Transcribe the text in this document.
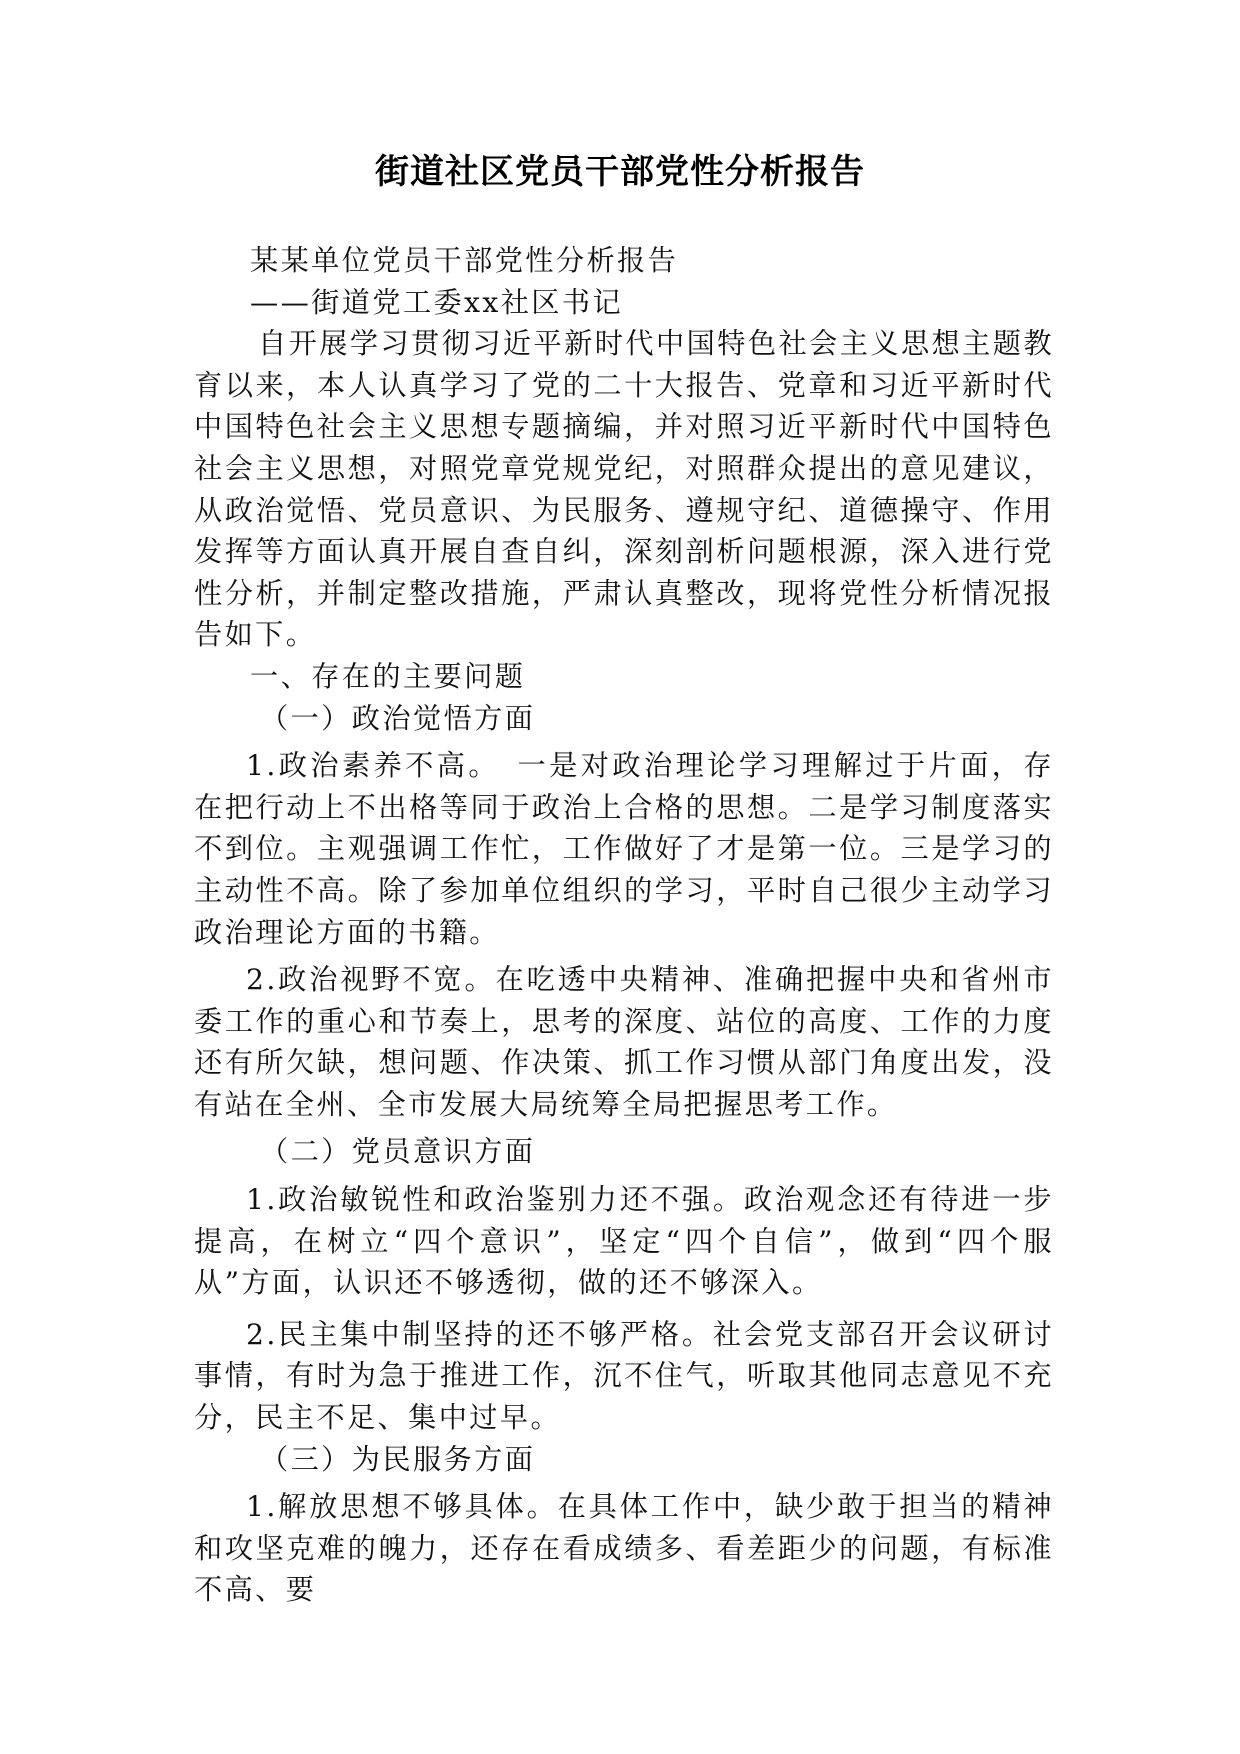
街道社区党员干部党性分析报告

某某单位党员干部党性分析报告

——街道党工委xx社区书记

自开展学习贯彻习近平新时代中国特色社会主义思想主题教育以来，本人认真学习了党的二十大报告、党章和习近平新时代中国特色社会主义思想专题摘编，并对照习近平新时代中国特色社会主义思想，对照党章党规党纪，对照群众提出的意见建议，从政治觉悟、党员意识、为民服务、遵规守纪、道德操守、作用发挥等方面认真开展自查自纠，深刻剖析问题根源，深入进行党性分析，并制定整改措施，严肃认真整改，现将党性分析情况报告如下。

一、存在的主要问题

（一）政治觉悟方面

1.政治素养不高。　一是对政治理论学习理解过于片面，存在把行动上不出格等同于政治上合格的思想。二是学习制度落实不到位。主观强调工作忙，工作做好了才是第一位。三是学习的主动性不高。除了参加单位组织的学习，平时自己很少主动学习政治理论方面的书籍。

2.政治视野不宽。在吃透中央精神、准确把握中央和省州市委工作的重心和节奏上，思考的深度、站位的高度、工作的力度还有所欠缺，想问题、作决策、抓工作习惯从部门角度出发，没有站在全州、全市发展大局统筹全局把握思考工作。

（二）党员意识方面

1.政治敏锐性和政治鉴别力还不强。政治观念还有待进一步提高，在树立“四个意识”，坚定“四个自信”，做到“四个服从”方面，认识还不够透彻，做的还不够深入。

2.民主集中制坚持的还不够严格。社会党支部召开会议研讨事情，有时为急于推进工作，沉不住气，听取其他同志意见不充分，民主不足、集中过早。

（三）为民服务方面

1.解放思想不够具体。在具体工作中，缺少敢于担当的精神和攻坚克难的魄力，还存在看成绩多、看差距少的问题，有标准不高、要
